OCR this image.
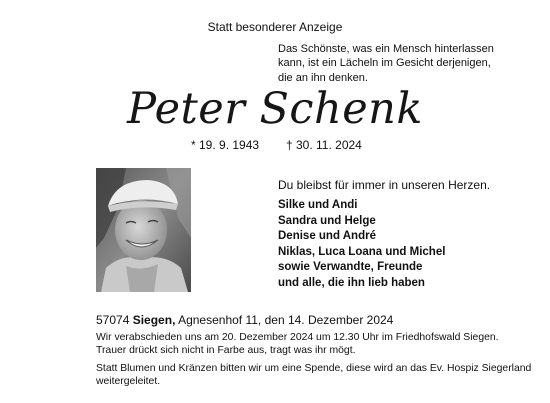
Statt besonderer Anzeige

Das Schönste, was ein Mensch hinterlassen
kann, ist ein Lächeln im Gesicht derjenigen,
die an ihn denken.
Peter Schenk
* 19. 9. 1943 † 30. 11. 2024
Du bleibst für immer in unseren Herzen.
Silke und Andi
Sandra und Helge
Denise und André
Niklas, Luca Loana und Michel
sowie Verwandte, Freunde
und alle, die ihn lieb haben
57074 Siegen, Agnesenhof 11, den 14. Dezember 2024
Wir verabschieden uns am 20. Dezember 2024 um 12.30 Uhr im Friedhofswald Siegen.
Trauer drückt sich nicht in Farbe aus, tragt was ihr mögt.
Statt Blumen und Kränzen bitten wir um eine Spende, diese wird an das Ev. Hospiz Siegerland
weitergeleitet.
